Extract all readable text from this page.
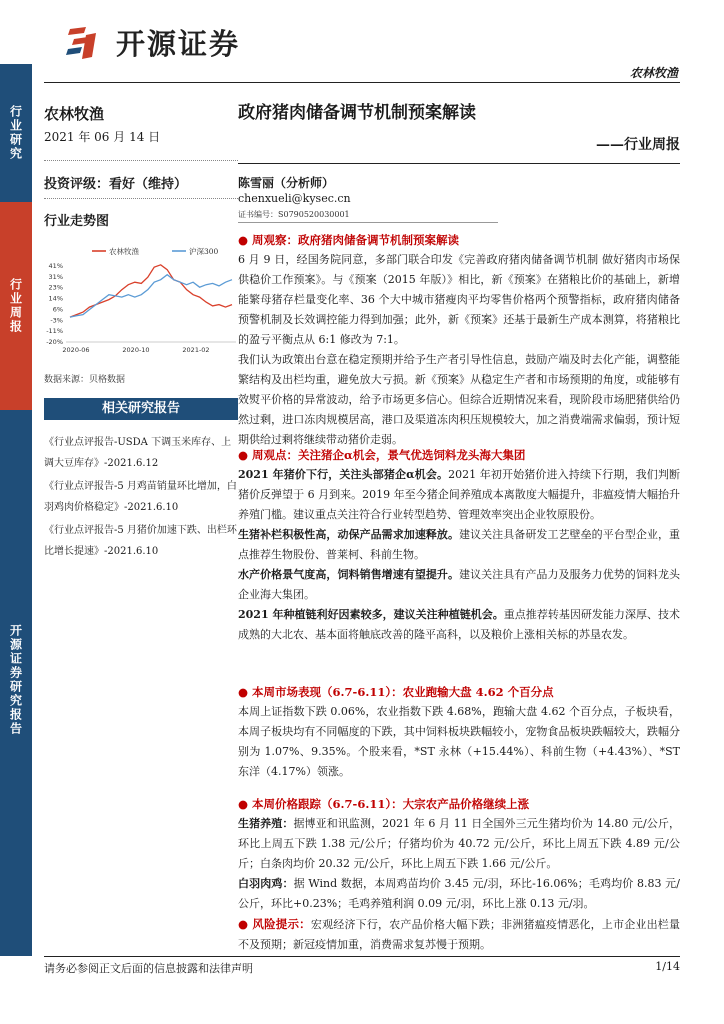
行业研究
行业周报
开源证券研究报告
开源证券
农林牧渔
农林牧渔
2021 年 06 月 14 日
投资评级：看好（维持）
行业走势图
农林牧渔	沪深300
41%
31%
23%
14%
6%
-3%
-11%
-20%
2020-06	2020-10	2021-02
数据来源：贝格数据
相关研究报告
《行业点评报告-USDA 下调玉米库存、上调大豆库存》-2021.6.12
《行业点评报告-5 月鸡苗销量环比增加，白羽鸡肉价格稳定》-2021.6.10
《行业点评报告-5 月猪价加速下跌、出栏环比增长提速》-2021.6.10
政府猪肉储备调节机制预案解读
——行业周报
陈雪丽（分析师）
chenxueli@kysec.cn
证书编号：S0790520030001
● 周观察：政府猪肉储备调节机制预案解读
6 月 9 日，经国务院同意，多部门联合印发《完善政府猪肉储备调节机制 做好猪肉市场保供稳价工作预案》。与《预案（2015 年版）》相比，新《预案》在猪粮比价的基础上，新增能繁母猪存栏量变化率、36 个大中城市猪瘦肉平均零售价格两个预警指标，政府猪肉储备预警机制及长效调控能力得到加强；此外，新《预案》还基于最新生产成本测算，将猪粮比的盈亏平衡点从 6:1 修改为 7:1。
我们认为政策出台意在稳定预期并给予生产者引导性信息，鼓励产端及时去化产能，调整能繁结构及出栏均重，避免放大亏损。新《预案》从稳定生产者和市场预期的角度，或能够有效熨平价格的异常波动，给予市场更多信心。但综合近期情况来看，现阶段市场肥猪供给仍然过剩，进口冻肉规模居高，港口及渠道冻肉积压规模较大，加之消费端需求偏弱，预计短期供给过剩将继续带动猪价走弱。
● 周观点：关注猪企α机会，景气优选饲料龙头海大集团
2021 年猪价下行，关注头部猪企α机会。2021 年初开始猪价进入持续下行期，我们判断猪价反弹望于 6 月到来。2019 年至今猪企间养殖成本离散度大幅提升，非瘟疫情大幅抬升养殖门槛。建议重点关注符合行业转型趋势、管理效率突出企业牧原股份。
生猪补栏积极性高，动保产品需求加速释放。建议关注具备研发工艺壁垒的平台型企业，重点推荐生物股份、普莱柯、科前生物。
水产价格景气度高，饲料销售增速有望提升。建议关注具有产品力及服务力优势的饲料龙头企业海大集团。
2021 年种植链利好因素较多，建议关注种植链机会。重点推荐转基因研发能力深厚、技术成熟的大北农、基本面将触底改善的隆平高科，以及粮价上涨相关标的苏垦农发。
● 本周市场表现（6.7-6.11）：农业跑输大盘 4.62 个百分点
本周上证指数下跌 0.06%，农业指数下跌 4.68%，跑输大盘 4.62 个百分点，子板块看，本周子板块均有不同幅度的下跌，其中饲料板块跌幅较小，宠物食品板块跌幅较大，跌幅分别为 1.07%、9.35%。个股来看，*ST 永林（+15.44%）、科前生物（+4.43%）、*ST 东洋（4.17%）领涨。
● 本周价格跟踪（6.7-6.11）：大宗农产品价格继续上涨
生猪养殖：据博亚和讯监测，2021 年 6 月 11 日全国外三元生猪均价为 14.80 元/公斤，环比上周五下跌 1.38 元/公斤；仔猪均价为 40.72 元/公斤，环比上周五下跌 4.89 元/公斤；白条肉均价 20.32 元/公斤，环比上周五下跌 1.66 元/公斤。
白羽肉鸡：据 Wind 数据，本周鸡苗均价 3.45 元/羽，环比-16.06%；毛鸡均价 8.83 元/公斤，环比+0.23%；毛鸡养殖利润 0.09 元/羽，环比上涨 0.13 元/羽。
● 风险提示：宏观经济下行，农产品价格大幅下跌；非洲猪瘟疫情恶化，上市企业出栏量不及预期；新冠疫情加重，消费需求复苏慢于预期。
请务必参阅正文后面的信息披露和法律声明	1/14
